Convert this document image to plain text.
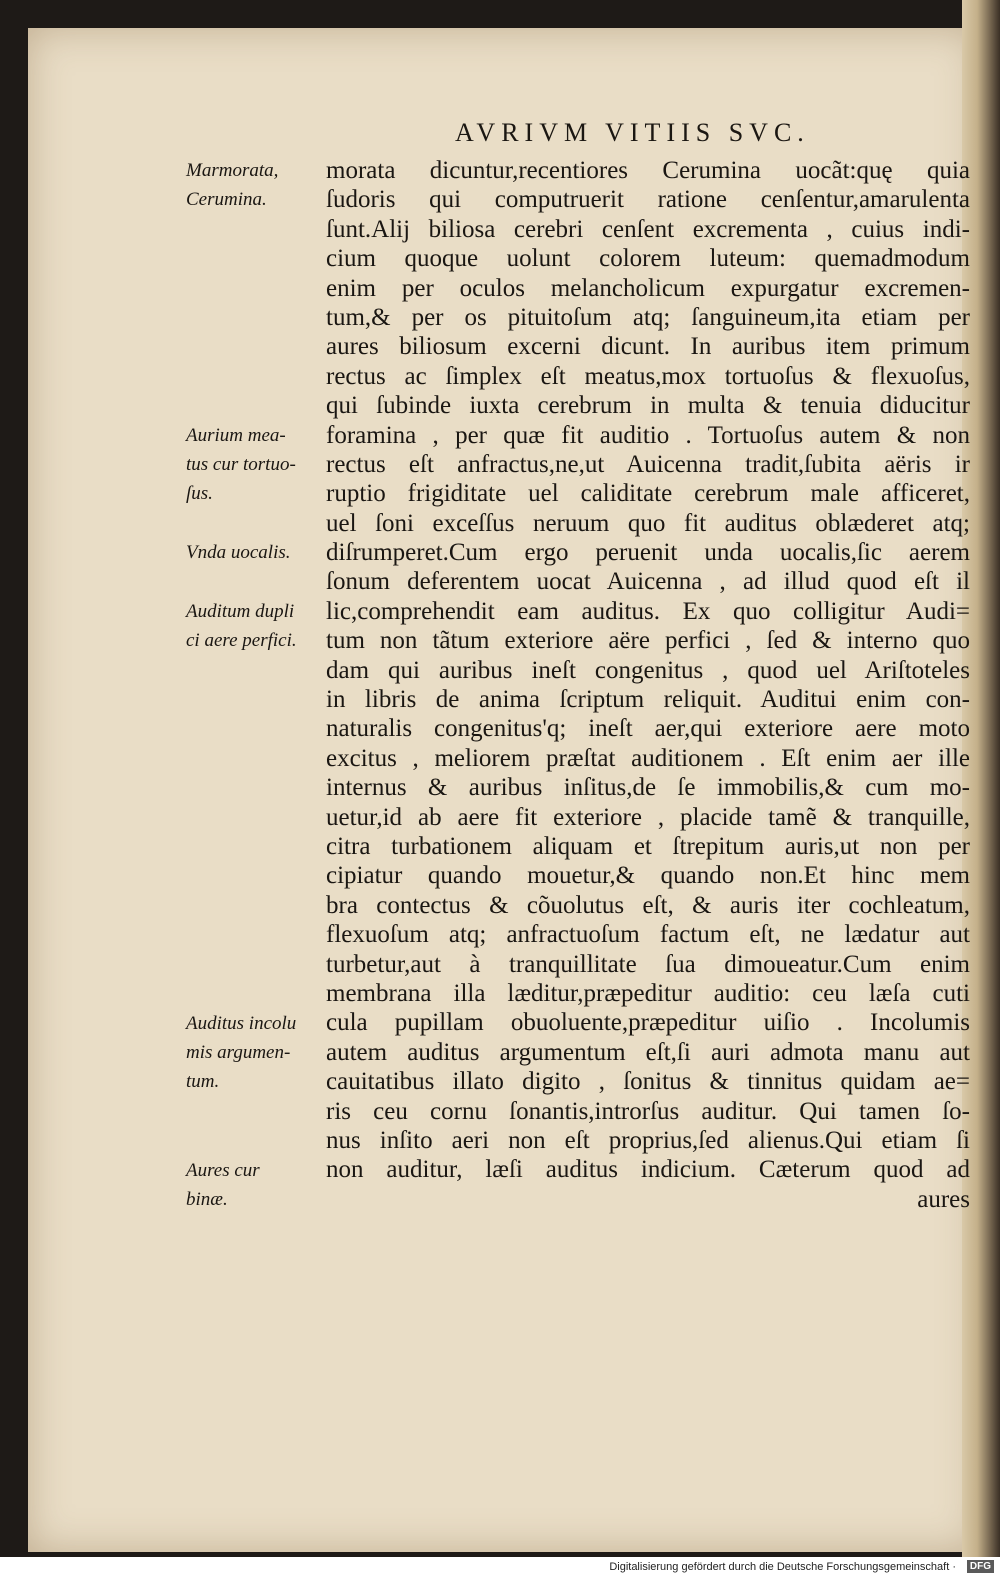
AVRIVM VITIIS SVC.
Marmorata,
Cerumina.
Aurium mea-
tus cur tortuo-
ſus.
Vnda uocalis.
Auditum dupli
ci aere perfici.
Auditus incolu
mis argumen-
tum.
Aures cur
binæ.
morata dicuntur,recentiores Cerumina uocãt:quę quia
ſudoris qui computruerit ratione cenſentur,amarulenta
ſunt.Alij biliosa cerebri cenſent excrementa , cuius indi-
cium quoque uolunt colorem luteum: quemadmodum
enim per oculos melancholicum expurgatur excremen-
tum,& per os pituitoſum atq; ſanguineum,ita etiam per
aures biliosum excerni dicunt. In auribus item primum
rectus ac ſimplex eſt meatus,mox tortuoſus & flexuoſus,
qui ſubinde iuxta cerebrum in multa & tenuia diducitur
foramina , per quæ fit auditio . Tortuoſus autem & non
rectus eſt anfractus,ne,ut Auicenna tradit,ſubita aëris ir
ruptio frigiditate uel caliditate cerebrum male afficeret,
uel ſoni exceſſus neruum quo fit auditus oblæderet atq;
diſrumperet.Cum ergo peruenit unda uocalis,ſic aerem
ſonum deferentem uocat Auicenna , ad illud quod eſt il
lic,comprehendit eam auditus. Ex quo colligitur Audi=
tum non tãtum exteriore aëre perfici , ſed & interno quo
dam qui auribus ineſt congenitus , quod uel Ariſtoteles
in libris de anima ſcriptum reliquit. Auditui enim con-
naturalis congenitus'q; ineſt aer,qui exteriore aere moto
excitus , meliorem præſtat auditionem . Eſt enim aer ille
internus & auribus inſitus,de ſe immobilis,& cum mo-
uetur,id ab aere fit exteriore , placide tamẽ & tranquille,
citra turbationem aliquam et ſtrepitum auris,ut non per
cipiatur quando mouetur,& quando non.Et hinc mem
bra contectus & cõuolutus eſt, & auris iter cochleatum,
flexuoſum atq; anfractuoſum factum eſt, ne lædatur aut
turbetur,aut à tranquillitate ſua dimoueatur.Cum enim
membrana illa læditur,præpeditur auditio: ceu læſa cuti
cula pupillam obuoluente,præpeditur uiſio . Incolumis
autem auditus argumentum eſt,ſi auri admota manu aut
cauitatibus illato digito , ſonitus & tinnitus quidam ae=
ris ceu cornu ſonantis,introrſus auditur. Qui tamen ſo-
nus inſito aeri non eſt proprius,ſed alienus.Qui etiam ſi
non auditur, læſi auditus indicium. Cæterum quod ad
aures
Digitalisierung gefördert durch die Deutsche Forschungsgemeinschaft ·	DFG
